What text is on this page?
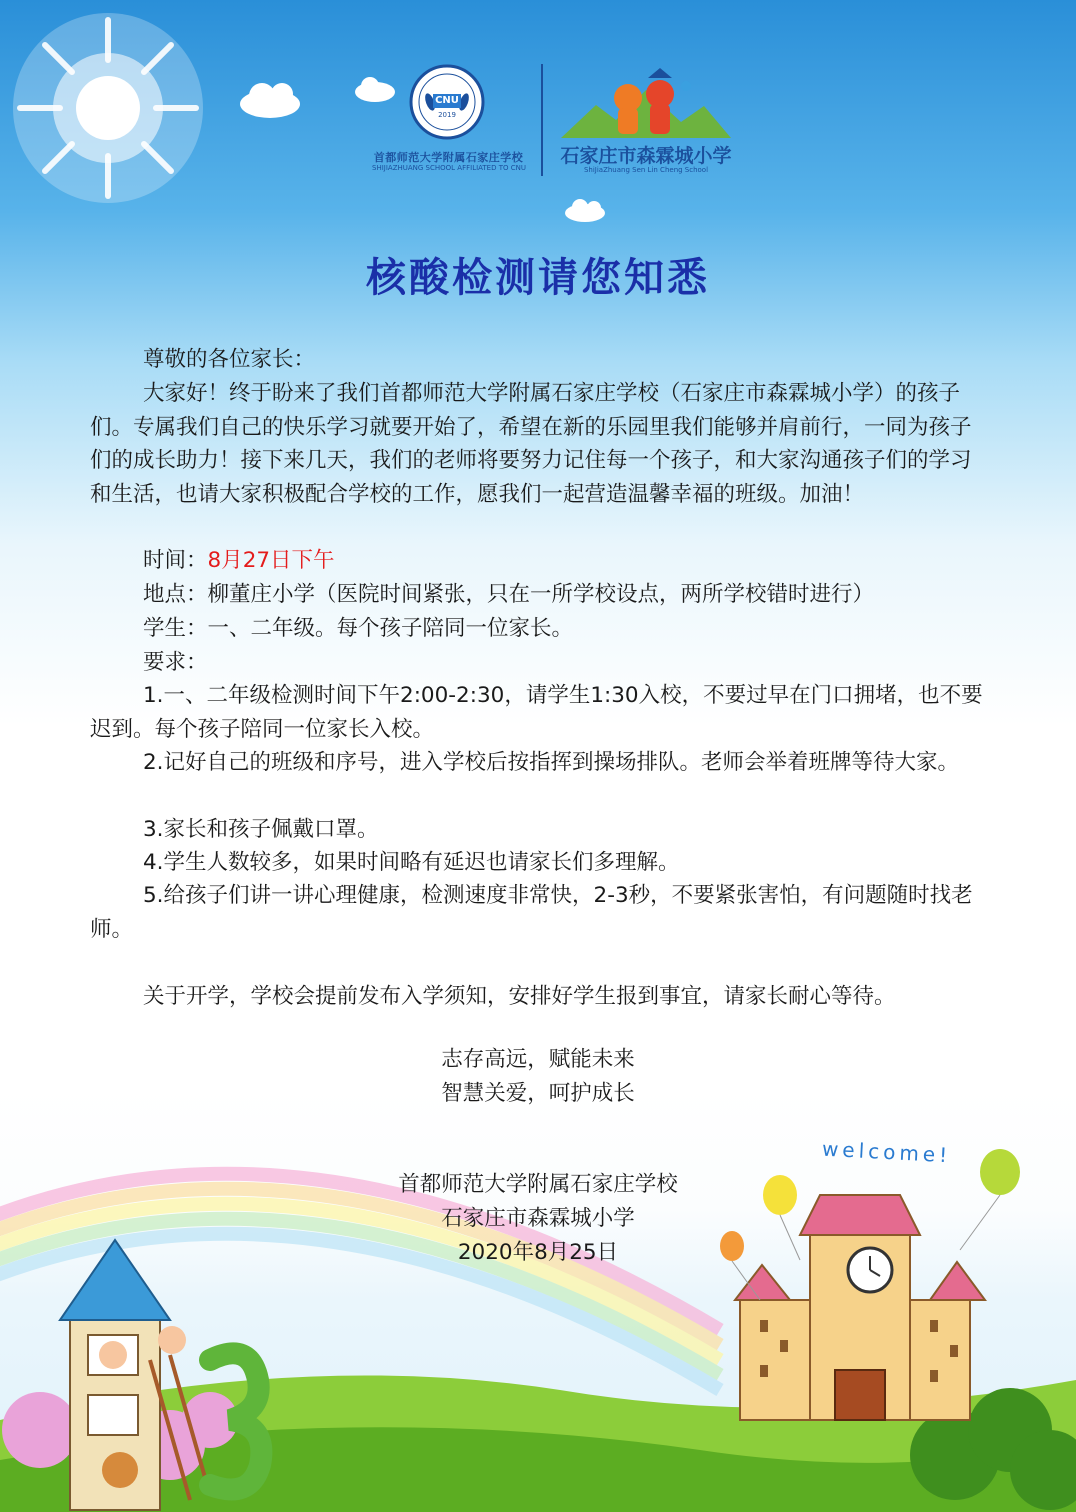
CNU
2019
首都师范大学附属石家庄学校
SHIJIAZHUANG SCHOOL AFFILIATED TO CNU
石家庄市森霖城小学
ShiJiaZhuang Sen Lin Cheng School
核酸检测请您知悉
尊敬的各位家长：
大家好！终于盼来了我们首都师范大学附属石家庄学校（石家庄市森霖城小学）的孩子们。专属我们自己的快乐学习就要开始了，希望在新的乐园里我们能够并肩前行，一同为孩子们的成长助力！接下来几天，我们的老师将要努力记住每一个孩子，和大家沟通孩子们的学习和生活，也请大家积极配合学校的工作，愿我们一起营造温馨幸福的班级。加油！
时间：8月27日下午
地点：柳董庄小学（医院时间紧张，只在一所学校设点，两所学校错时进行）
学生：一、二年级。每个孩子陪同一位家长。
要求：
1.一、二年级检测时间下午2:00-2:30，请学生1:30入校，不要过早在门口拥堵，也不要迟到。每个孩子陪同一位家长入校。
2.记好自己的班级和序号，进入学校后按指挥到操场排队。老师会举着班牌等待大家。
3.家长和孩子佩戴口罩。
4.学生人数较多，如果时间略有延迟也请家长们多理解。
5.给孩子们讲一讲心理健康，检测速度非常快，2-3秒，不要紧张害怕，有问题随时找老师。
关于开学，学校会提前发布入学须知，安排好学生报到事宜，请家长耐心等待。
志存高远，赋能未来
智慧关爱，呵护成长
首都师范大学附属石家庄学校
石家庄市森霖城小学
2020年8月25日
welcome!
